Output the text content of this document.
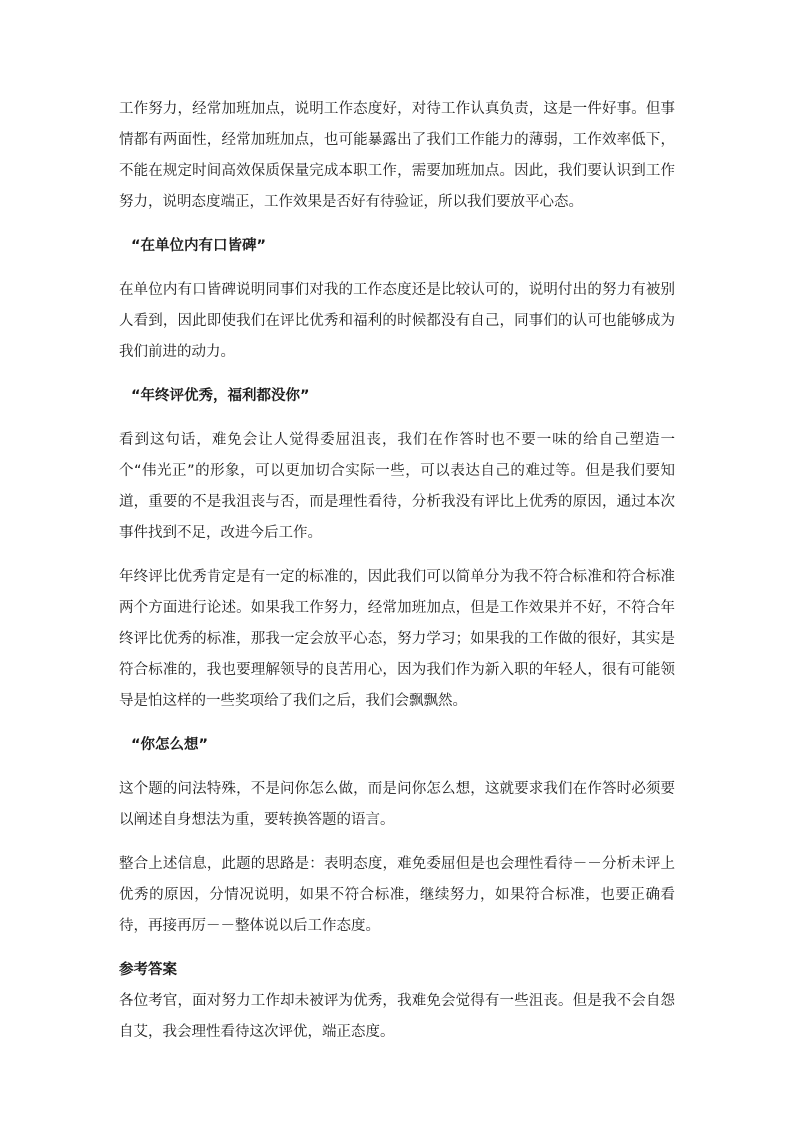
工作努力，经常加班加点，说明工作态度好，对待工作认真负责，这是一件好事。但事情都有两面性，经常加班加点，也可能暴露出了我们工作能力的薄弱，工作效率低下，不能在规定时间高效保质保量完成本职工作，需要加班加点。因此，我们要认识到工作努力，说明态度端正，工作效果是否好有待验证，所以我们要放平心态。

“在单位内有口皆碑”

在单位内有口皆碑说明同事们对我的工作态度还是比较认可的，说明付出的努力有被别人看到，因此即使我们在评比优秀和福利的时候都没有自己，同事们的认可也能够成为我们前进的动力。

“年终评优秀，福利都没你”

看到这句话，难免会让人觉得委屈沮丧，我们在作答时也不要一味的给自己塑造一个“伟光正”的形象，可以更加切合实际一些，可以表达自己的难过等。但是我们要知道，重要的不是我沮丧与否，而是理性看待，分析我没有评比上优秀的原因，通过本次事件找到不足，改进今后工作。

年终评比优秀肯定是有一定的标准的，因此我们可以简单分为我不符合标准和符合标准两个方面进行论述。如果我工作努力，经常加班加点，但是工作效果并不好，不符合年终评比优秀的标准，那我一定会放平心态，努力学习；如果我的工作做的很好，其实是符合标准的，我也要理解领导的良苦用心，因为我们作为新入职的年轻人，很有可能领导是怕这样的一些奖项给了我们之后，我们会飘飘然。

“你怎么想”

这个题的问法特殊，不是问你怎么做，而是问你怎么想，这就要求我们在作答时必须要以阐述自身想法为重，要转换答题的语言。

整合上述信息，此题的思路是：表明态度，难免委屈但是也会理性看待－－分析未评上优秀的原因，分情况说明，如果不符合标准，继续努力，如果符合标准，也要正确看待，再接再厉－－整体说以后工作态度。

参考答案

各位考官，面对努力工作却未被评为优秀，我难免会觉得有一些沮丧。但是我不会自怨自艾，我会理性看待这次评优，端正态度。
